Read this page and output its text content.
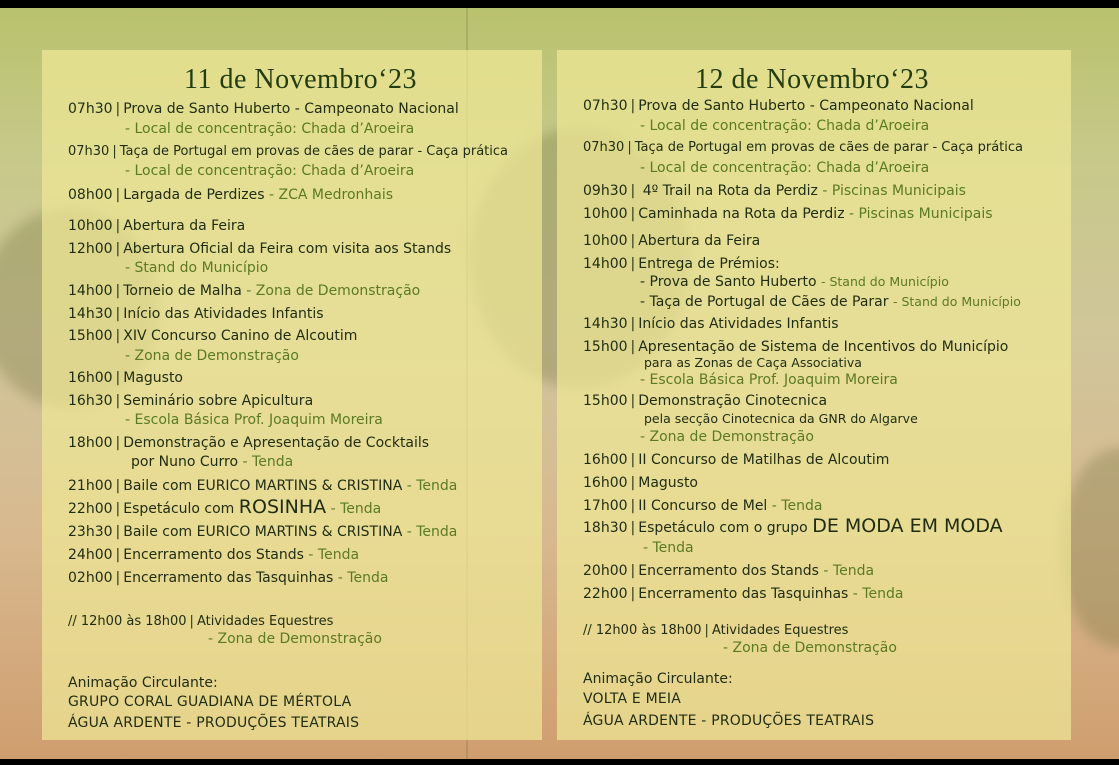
11 de Novembro‘23
07h30 | Prova de Santo Huberto - Campeonato Nacional
- Local de concentração: Chada d’Aroeira
07h30 | Taça de Portugal em provas de cães de parar - Caça prática
- Local de concentração: Chada d’Aroeira
08h00 | Largada de Perdizes - ZCA Medronhais
10h00 | Abertura da Feira
12h00 | Abertura Oficial da Feira com visita aos Stands
- Stand do Município
14h00 | Torneio de Malha - Zona de Demonstração
14h30 | Início das Atividades Infantis
15h00 | XIV Concurso Canino de Alcoutim
- Zona de Demonstração
16h00 | Magusto
16h30 | Seminário sobre Apicultura
- Escola Básica Prof. Joaquim Moreira
18h00 | Demonstração e Apresentação de Cocktails
por Nuno Curro - Tenda
21h00 | Baile com EURICO MARTINS & CRISTINA - Tenda
22h00 | Espetáculo com ROSINHA - Tenda
23h30 | Baile com EURICO MARTINS & CRISTINA - Tenda
24h00 | Encerramento dos Stands - Tenda
02h00 | Encerramento das Tasquinhas - Tenda
// 12h00 às 18h00 | Atividades Equestres
- Zona de Demonstração
Animação Circulante:
GRUPO CORAL GUADIANA DE MÉRTOLA
ÁGUA ARDENTE - PRODUÇÕES TEATRAIS
12 de Novembro‘23
07h30 | Prova de Santo Huberto - Campeonato Nacional
- Local de concentração: Chada d’Aroeira
07h30 | Taça de Portugal em provas de cães de parar - Caça prática
- Local de concentração: Chada d’Aroeira
09h30 | 4º Trail na Rota da Perdiz - Piscinas Municipais
10h00 | Caminhada na Rota da Perdiz - Piscinas Municipais
10h00 | Abertura da Feira
14h00 | Entrega de Prémios:
- Prova de Santo Huberto - Stand do Município
- Taça de Portugal de Cães de Parar - Stand do Município
14h30 | Início das Atividades Infantis
15h00 | Apresentação de Sistema de Incentivos do Município
para as Zonas de Caça Associativa
- Escola Básica Prof. Joaquim Moreira
15h00 | Demonstração Cinotecnica
pela secção Cinotecnica da GNR do Algarve
- Zona de Demonstração
16h00 | II Concurso de Matilhas de Alcoutim
16h00 | Magusto
17h00 | II Concurso de Mel - Tenda
18h30 | Espetáculo com o grupo DE MODA EM MODA
- Tenda
20h00 | Encerramento dos Stands - Tenda
22h00 | Encerramento das Tasquinhas - Tenda
// 12h00 às 18h00 | Atividades Equestres
- Zona de Demonstração
Animação Circulante:
VOLTA E MEIA
ÁGUA ARDENTE - PRODUÇÕES TEATRAIS
